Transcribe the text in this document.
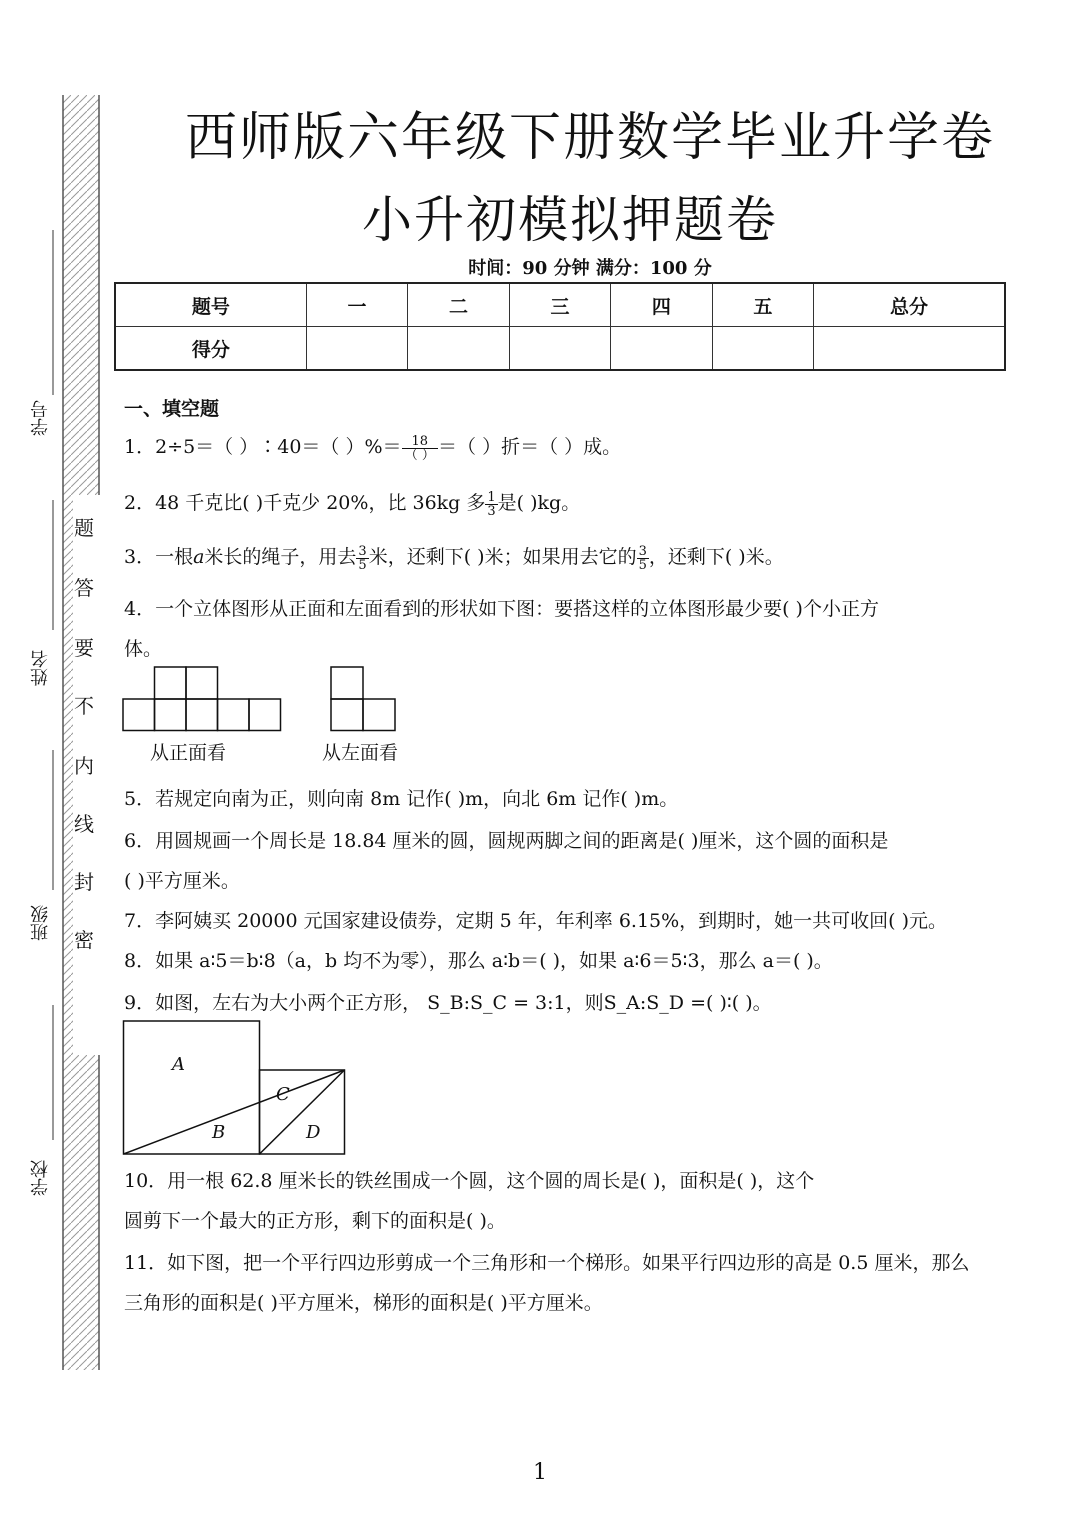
学号
姓名
班级
学校
题
答
要
不
内
线
封
密
西师版六年级下册数学毕业升学卷
小升初模拟押题卷
时间：90 分钟 满分：100 分
题号	一	二	三	四	五	总分
得分						
一、填空题
1．2÷5＝（ ）∶40＝（ ）%＝ $\frac{18}{( )}$ ＝（ ）折＝（ ）成。
2．48 千克比( )千克少 20%，比 36kg 多 $\frac{1}{3}$ 是( )kg。
3．一根𝑎米长的绳子，用去 $\frac{3}{5}$ 米，还剩下( )米；如果用去它的 $\frac{3}{5}$ ，还剩下( )米。
4．一个立体图形从正面和左面看到的形状如下图：要搭这样的立体图形最少要( )个小正方
体。
从正面看	从左面看
5．若规定向南为正，则向南 8m 记作( )m，向北 6m 记作( )m。
6．用圆规画一个周长是 18.84 厘米的圆，圆规两脚之间的距离是( )厘米，这个圆的面积是
( )平方厘米。
7．李阿姨买 20000 元国家建设债券，定期 5 年，年利率 6.15%，到期时，她一共可收回( )元。
8．如果 a∶5＝b∶8（a，b 均不为零），那么 a∶b＝( )，如果 a∶6＝5∶3，那么 a＝( )。
9．如图，左右为大小两个正方形， S_B:S_C = 3:1，则S_A:S_D =( )∶( )。
A
B
C
D
10．用一根 62.8 厘米长的铁丝围成一个圆，这个圆的周长是( )，面积是( )，这个
圆剪下一个最大的正方形，剩下的面积是( )。
11．如下图，把一个平行四边形剪成一个三角形和一个梯形。如果平行四边形的高是 0.5 厘米，那么
三角形的面积是( )平方厘米，梯形的面积是( )平方厘米。
1
